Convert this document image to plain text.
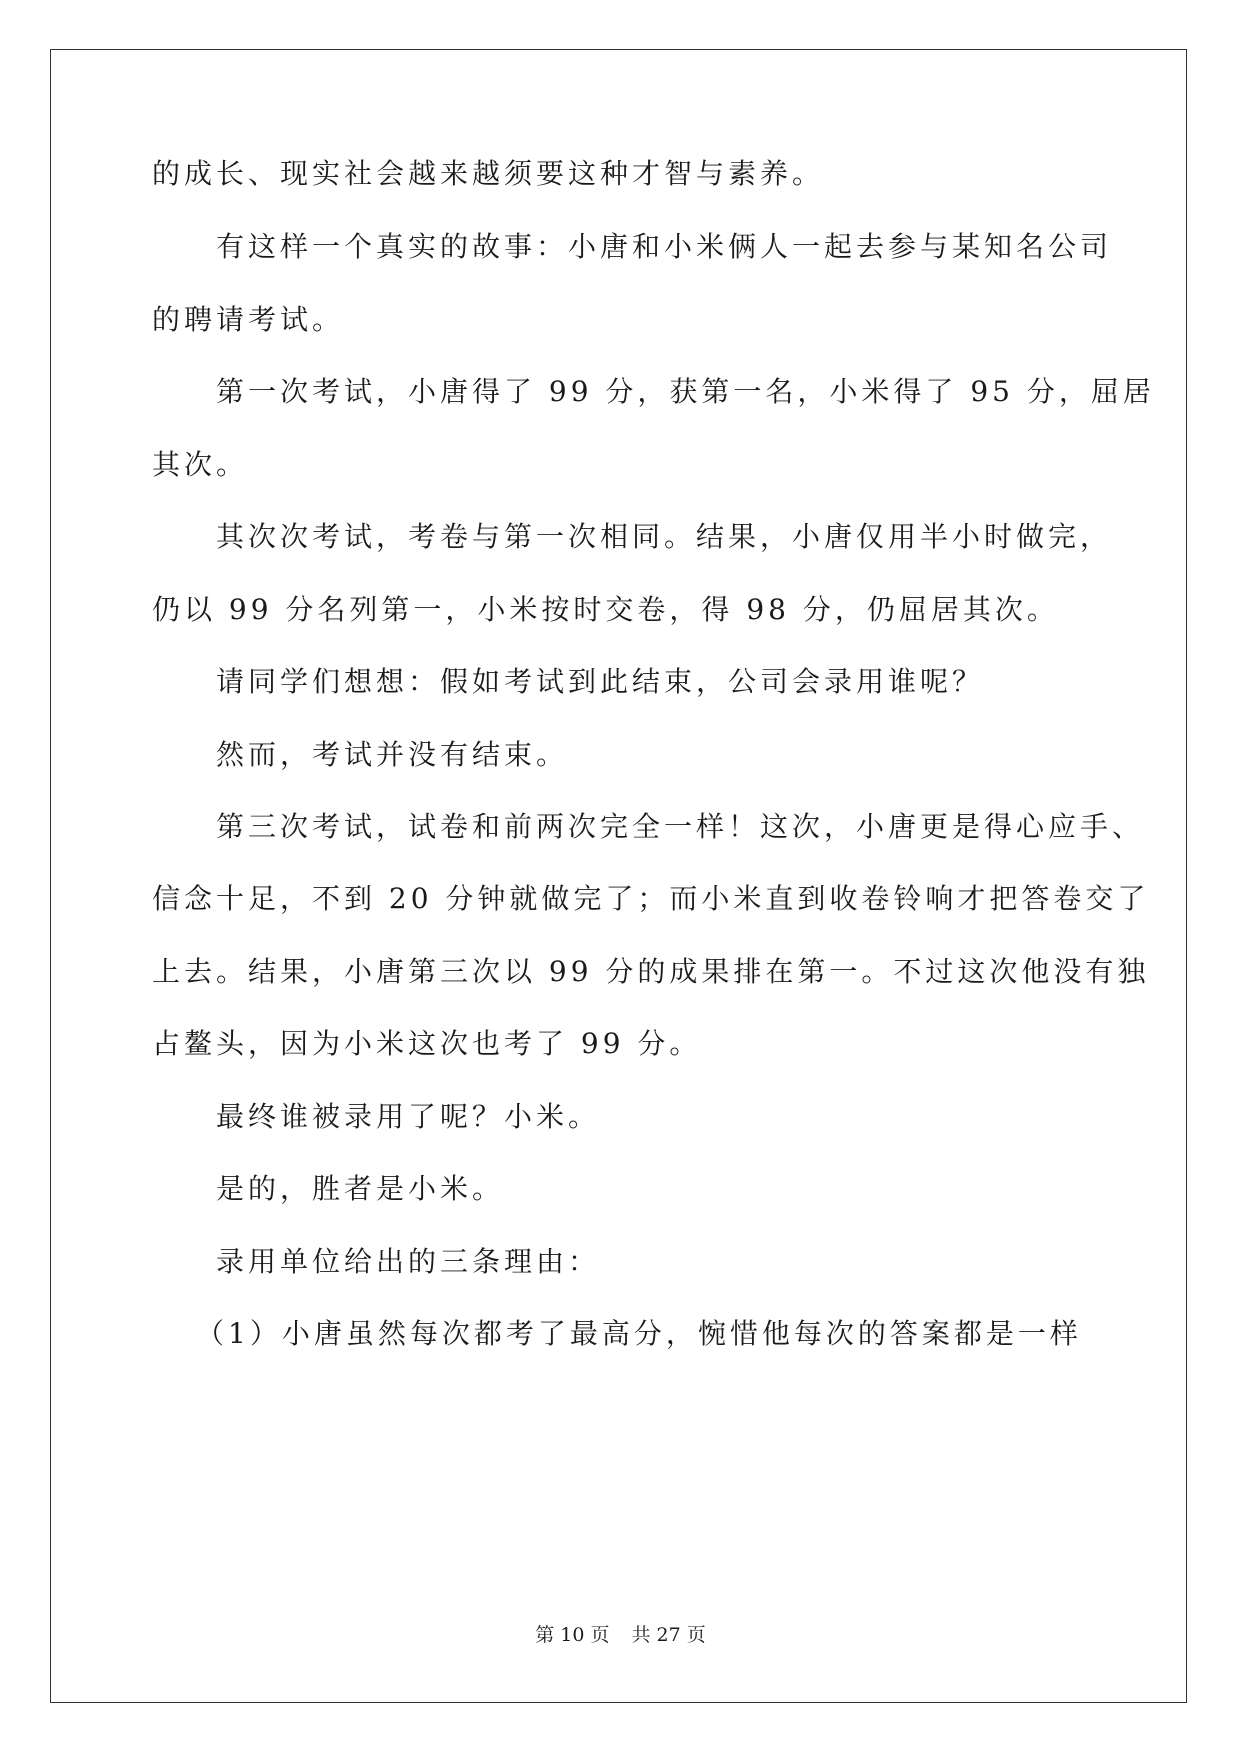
的成长、现实社会越来越须要这种才智与素养。
有这样一个真实的故事：小唐和小米俩人一起去参与某知名公司
的聘请考试。
第一次考试，小唐得了 99 分，获第一名，小米得了 95 分，屈居
其次。
其次次考试，考卷与第一次相同。结果，小唐仅用半小时做完，
仍以 99 分名列第一，小米按时交卷，得 98 分，仍屈居其次。
请同学们想想：假如考试到此结束，公司会录用谁呢？
然而，考试并没有结束。
第三次考试，试卷和前两次完全一样！这次，小唐更是得心应手、
信念十足，不到 20 分钟就做完了；而小米直到收卷铃响才把答卷交了
上去。结果，小唐第三次以 99 分的成果排在第一。不过这次他没有独
占鳌头，因为小米这次也考了 99 分。
最终谁被录用了呢？小米。
是的，胜者是小米。
录用单位给出的三条理由：
（1）小唐虽然每次都考了最高分，惋惜他每次的答案都是一样
第 10 页 共 27 页
